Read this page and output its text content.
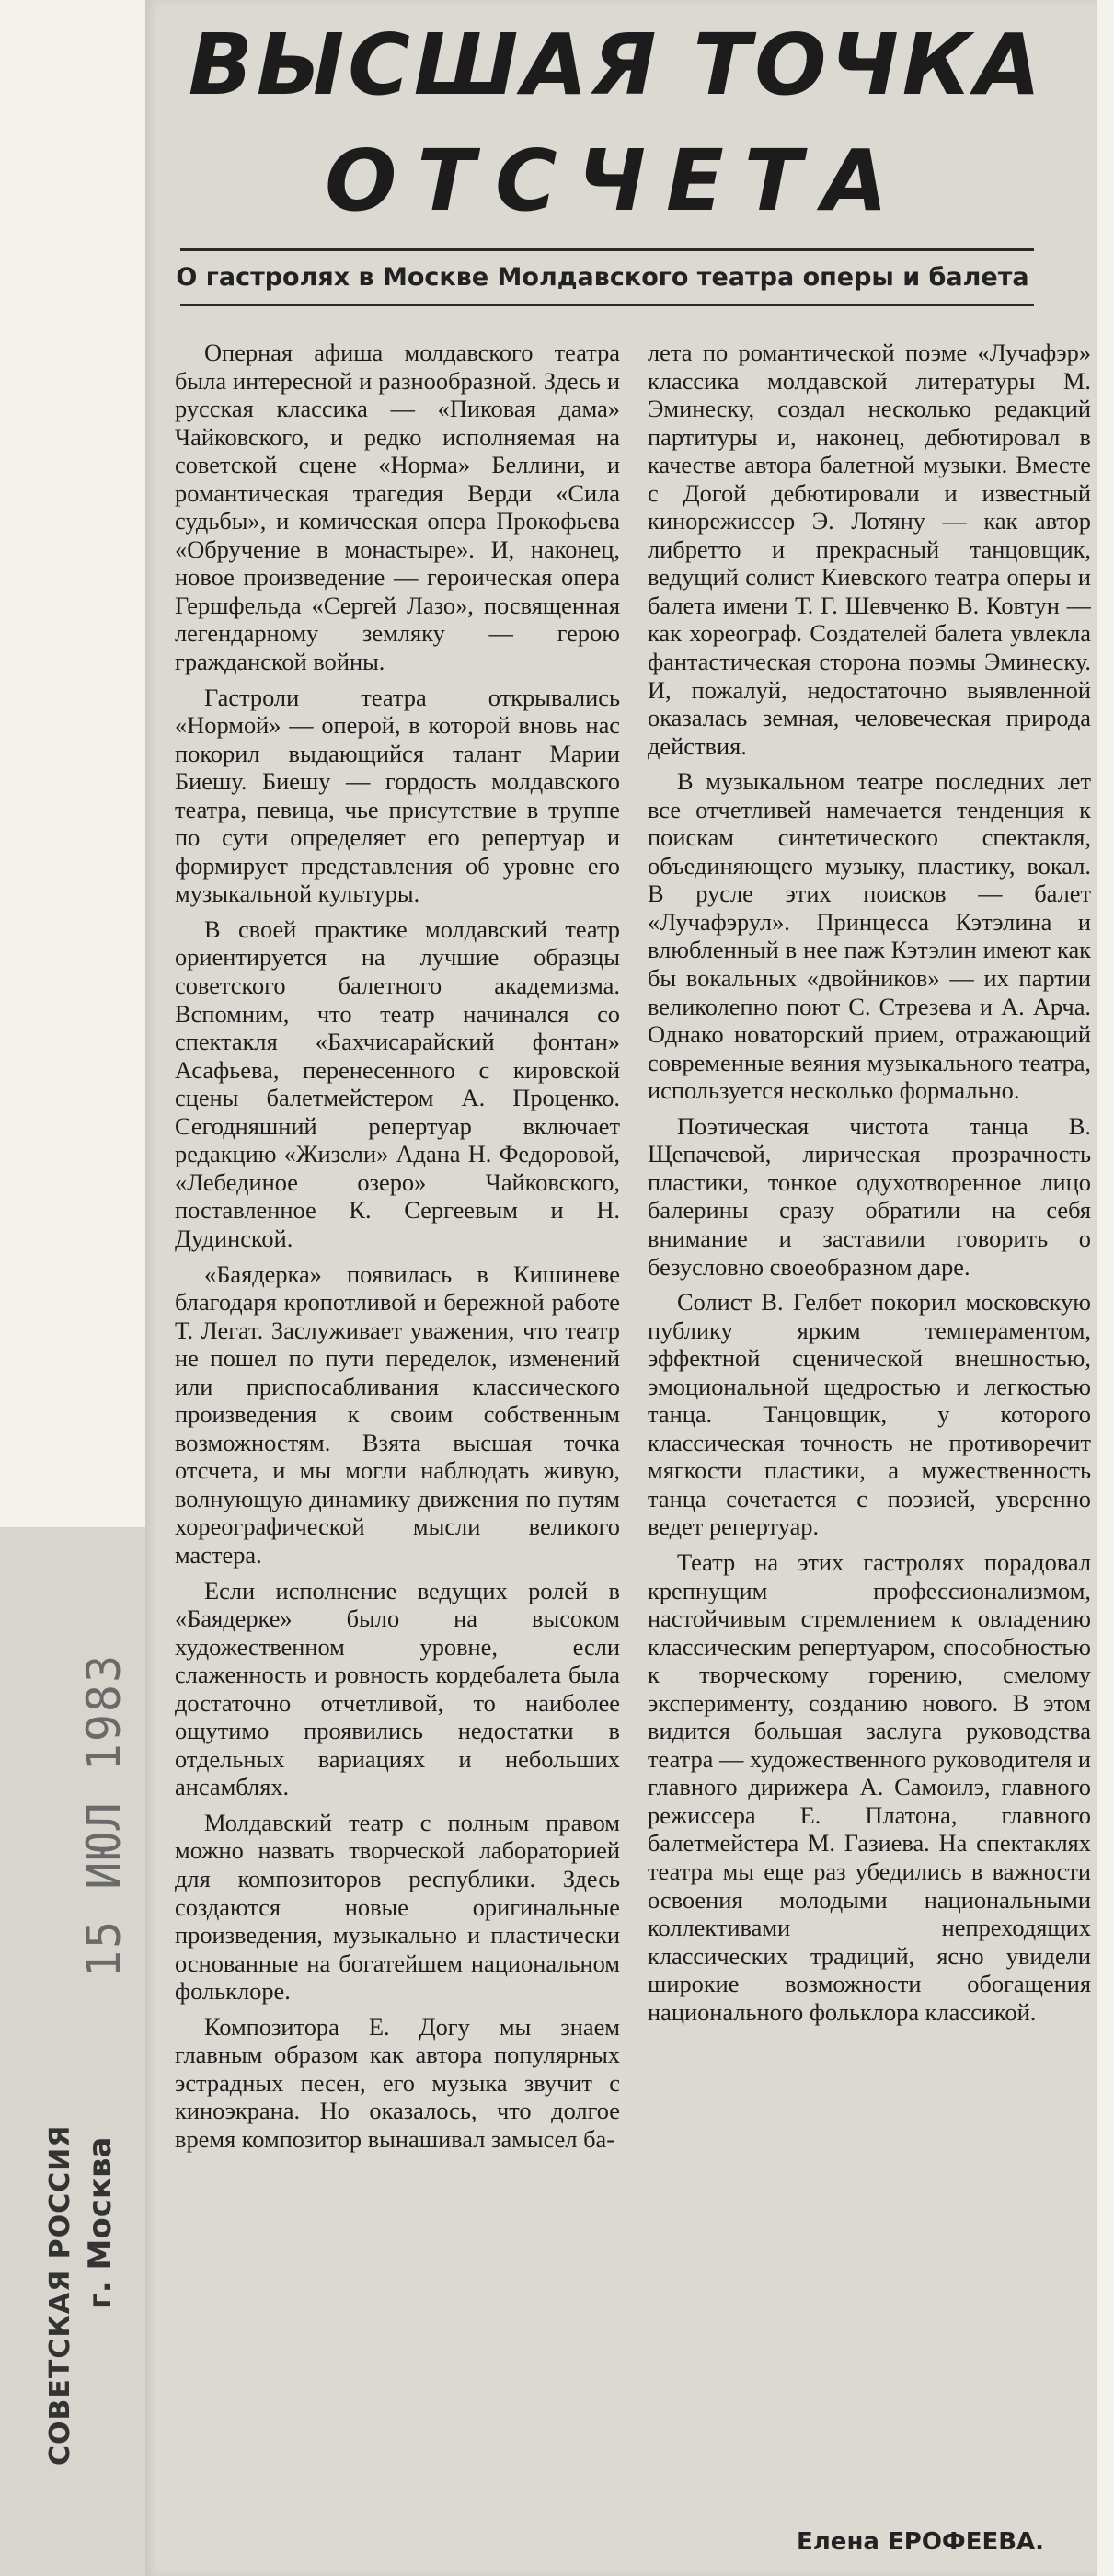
ВЫСШАЯ ТОЧКА
ОТСЧЕТА
О гастролях в Москве Молдавского театра оперы и балета

Оперная афиша молдавского театра была интересной и разнообразной. Здесь и русская классика — «Пиковая дама» Чайковского, и редко исполняемая на советской сцене «Норма» Беллини, и романтическая трагедия Верди «Сила судьбы», и комическая опера Прокофьева «Обручение в монастыре». И, наконец, новое произведение — героическая опера Гершфельда «Сергей Лазо», посвященная легендарному земляку — герою гражданской войны.

Гастроли театра открывались «Нормой» — оперой, в которой вновь нас покорил выдающийся талант Марии Биешу. Биешу — гордость молдавского театра, певица, чье присутствие в труппе по сути определяет его репертуар и формирует представления об уровне его музыкальной культуры.

В своей практике молдавский театр ориентируется на лучшие образцы советского балетного академизма. Вспомним, что театр начинался со спектакля «Бахчисарайский фонтан» Асафьева, перенесенного с кировской сцены балетмейстером А. Проценко. Сегодняшний репертуар включает редакцию «Жизели» Адана Н. Федоровой, «Лебединое озеро» Чайковского, поставленное К. Сергеевым и Н. Дудинской.

«Баядерка» появилась в Кишиневе благодаря кропотливой и бережной работе Т. Легат. Заслуживает уважения, что театр не пошел по пути переделок, изменений или приспосабливания классического произведения к своим собственным возможностям. Взята высшая точка отсчета, и мы могли наблюдать живую, волнующую динамику движения по путям хореографической мысли великого мастера.

Если исполнение ведущих ролей в «Баядерке» было на высоком художественном уровне, если слаженность и ровность кордебалета была достаточно отчетливой, то наиболее ощутимо проявились недостатки в отдельных вариациях и небольших ансамблях.

Молдавский театр с полным правом можно назвать творческой лабораторией для композиторов республики. Здесь создаются новые оригинальные произведения, музыкально и пластически основанные на богатейшем национальном фольклоре.

Композитора Е. Догу мы знаем главным образом как автора популярных эстрадных песен, его музыка звучит с киноэкрана. Но оказалось, что долгое время композитор вынашивал замысел ба-

лета по романтической поэме «Лучафэр» классика молдавской литературы М. Эминеску, создал несколько редакций партитуры и, наконец, дебютировал в качестве автора балетной музыки. Вместе с Догой дебютировали и известный кинорежиссер Э. Лотяну — как автор либретто и прекрасный танцовщик, ведущий солист Киевского театра оперы и балета имени Т. Г. Шевченко В. Ковтун — как хореограф. Создателей балета увлекла фантастическая сторона поэмы Эминеску. И, пожалуй, недостаточно выявленной оказалась земная, человеческая природа действия.

В музыкальном театре последних лет все отчетливей намечается тенденция к поискам синтетического спектакля, объединяющего музыку, пластику, вокал. В русле этих поисков — балет «Лучафэрул». Принцесса Кэтэлина и влюбленный в нее паж Кэтэлин имеют как бы вокальных «двойников» — их партии великолепно поют С. Стрезева и А. Арча. Однако новаторский прием, отражающий современные веяния музыкального театра, используется несколько формально.

Поэтическая чистота танца В. Щепачевой, лирическая прозрачность пластики, тонкое одухотворенное лицо балерины сразу обратили на себя внимание и заставили говорить о безусловно своеобразном даре.

Солист В. Гелбет покорил московскую публику ярким темпераментом, эффектной сценической внешностью, эмоциональной щедростью и легкостью танца. Танцовщик, у которого классическая точность не противоречит мягкости пластики, а мужественность танца сочетается с поэзией, уверенно ведет репертуар.

Театр на этих гастролях порадовал крепнущим профессионализмом, настойчивым стремлением к овладению классическим репертуаром, способностью к творческому горению, смелому эксперименту, созданию нового. В этом видится большая заслуга руководства театра — художественного руководителя и главного дирижера А. Самоилэ, главного режиссера Е. Платона, главного балетмейстера М. Газиева. На спектаклях театра мы еще раз убедились в важности освоения молодыми национальными коллективами непреходящих классических традиций, ясно увидели широкие возможности обогащения национального фольклора классикой.

Елена ЕРОФЕЕВА.
15 ИЮЛ 1983
СОВЕТСКАЯ РОССИЯ г. Москва
